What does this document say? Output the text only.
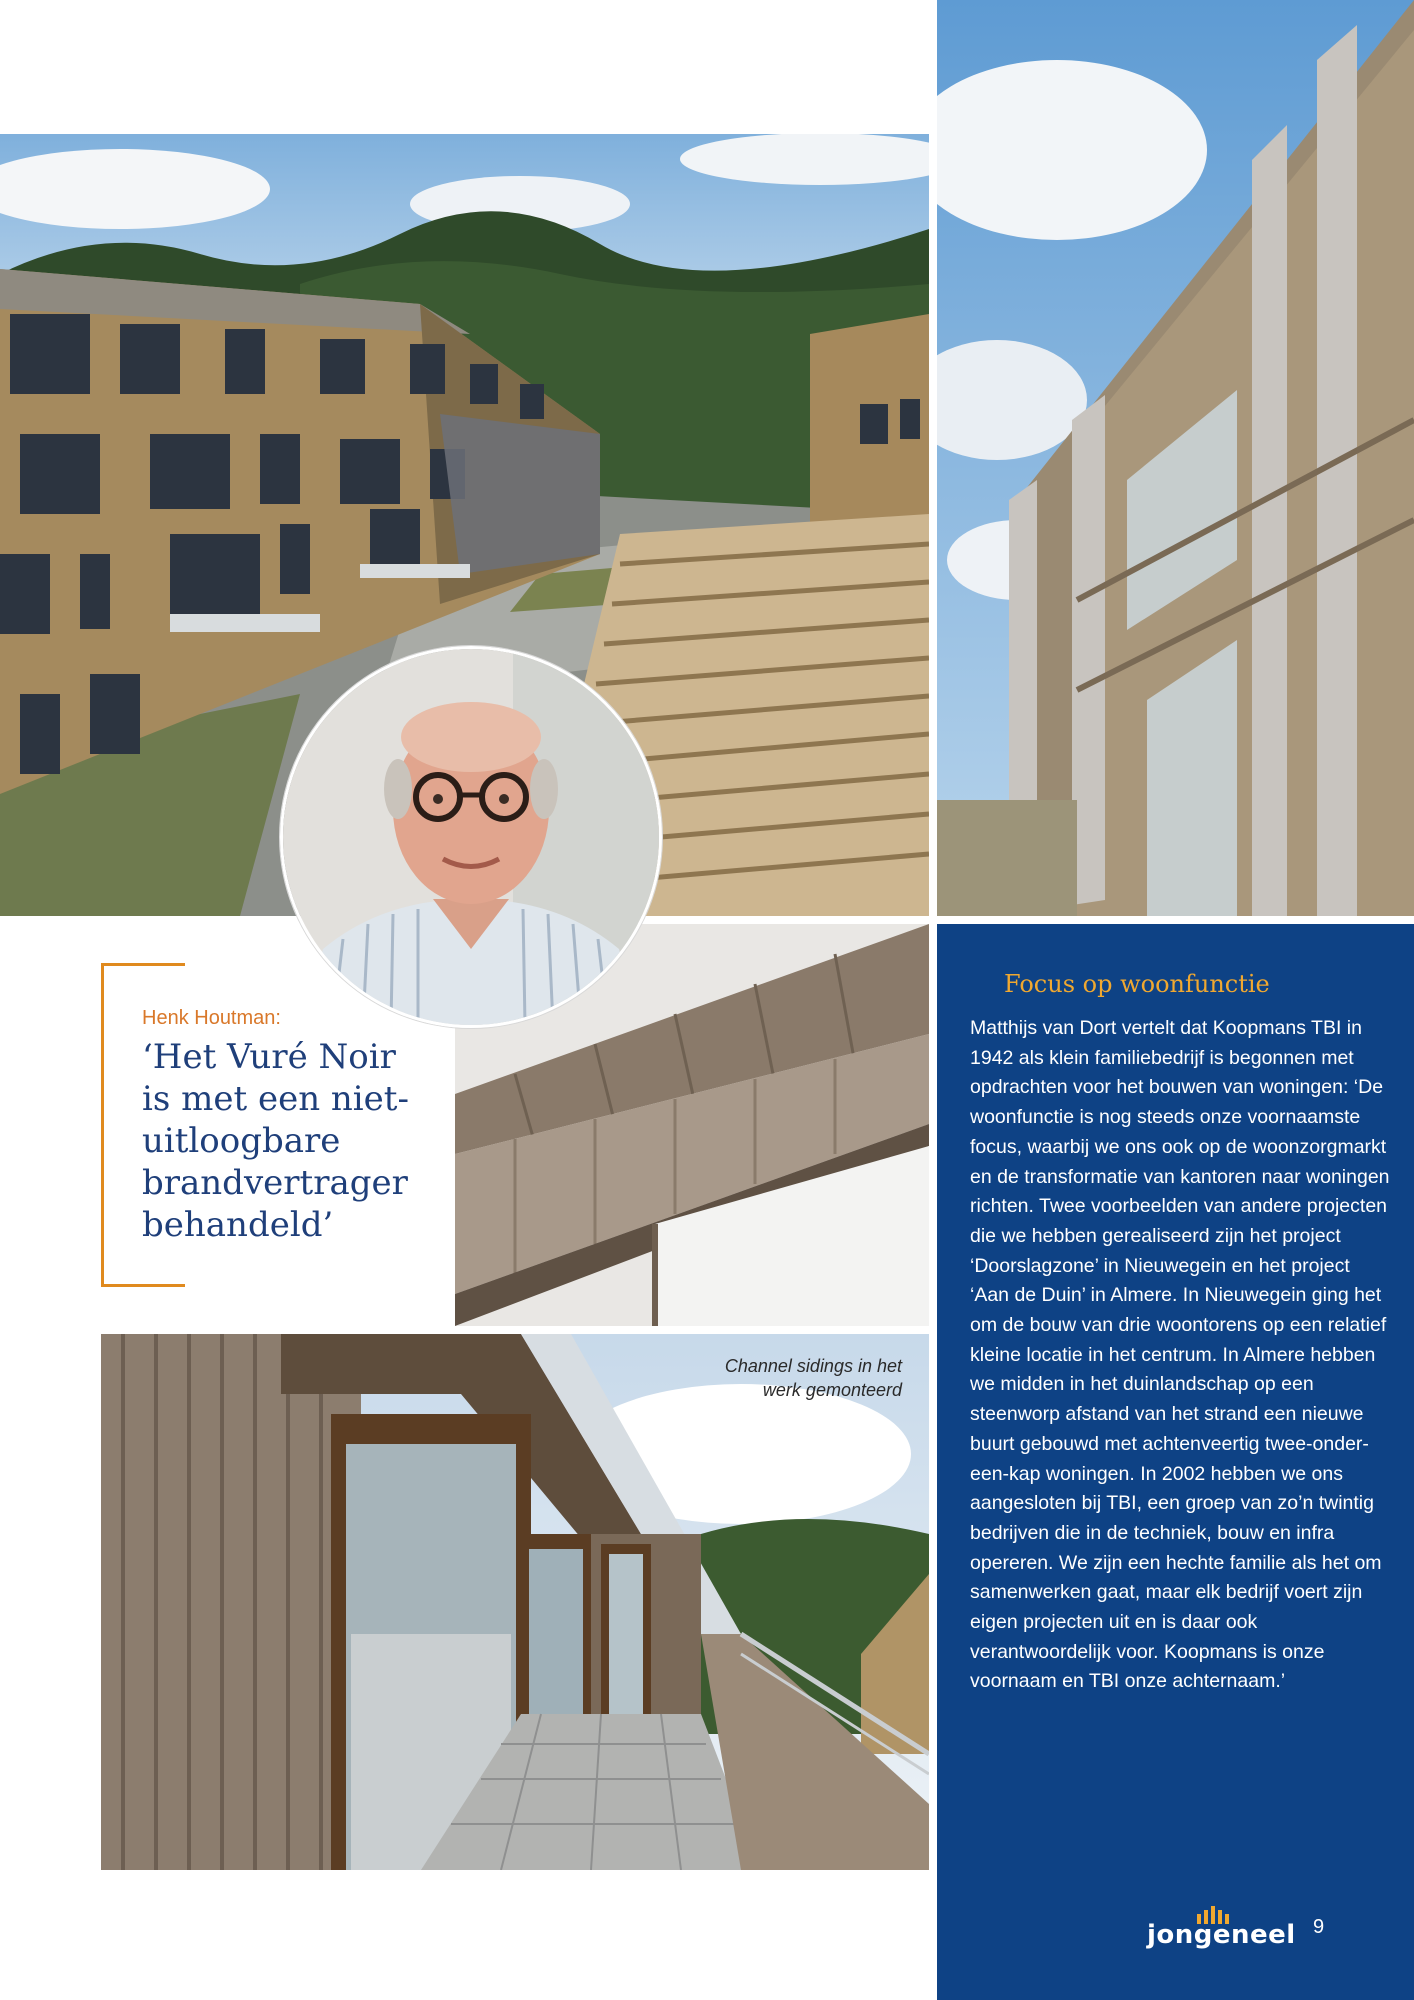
Henk Houtman:
‘Het Vuré Noir
is met een niet-
uitloogbare
brandvertrager
behandeld’
Channel sidings in het
werk gemonteerd
Focus op woonfunctie
Matthijs van Dort vertelt dat Koopmans TBI in 1942 als klein familiebedrijf is begonnen met opdrachten voor het bouwen van woningen: ‘De woonfunctie is nog steeds onze voornaamste focus, waarbij we ons ook op de woonzorgmarkt en de transformatie van kantoren naar woningen richten. Twee voorbeelden van andere projecten die we hebben gerealiseerd zijn het project ‘Doorslagzone’ in Nieuwegein en het project ‘Aan de Duin’ in Almere. In Nieuwegein ging het om de bouw van drie woontorens op een relatief kleine locatie in het centrum. In Almere hebben we midden in het duinlandschap op een steenworp afstand van het strand een nieuwe buurt gebouwd met achtenveertig twee-onder-een-kap woningen. In 2002 hebben we ons aangesloten bij TBI, een groep van zo’n twintig bedrijven die in de techniek, bouw en infra opereren. We zijn een hechte familie als het om samenwerken gaat, maar elk bedrijf voert zijn eigen projecten uit en is daar ook verantwoordelijk voor. Koopmans is onze voornaam en TBI onze achternaam.’
jongeneel 9
